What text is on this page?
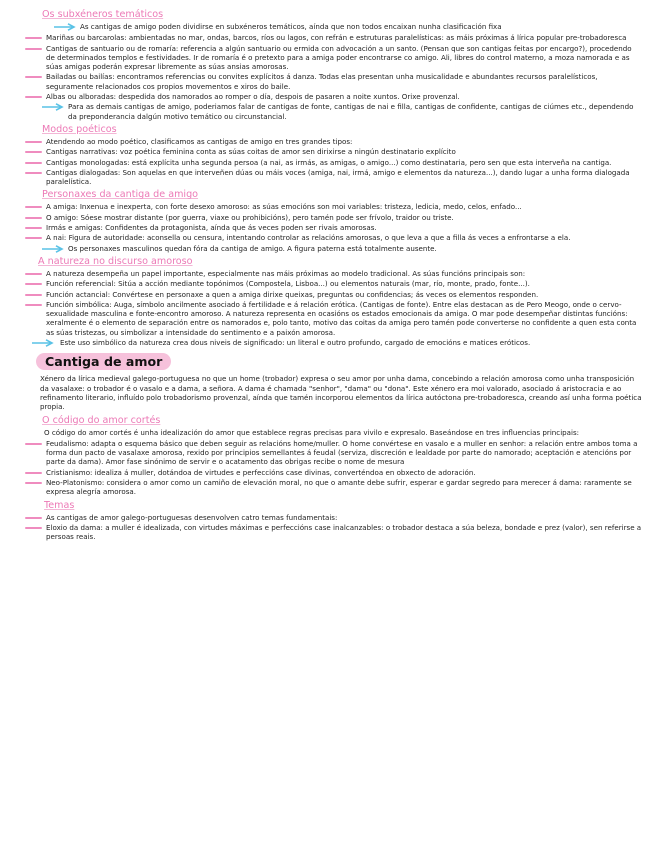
Os subxéneros temáticos
As cantigas de amigo poden dividirse en subxéneros temáticos, aínda que non todos encaixan nunha clasificación fixa
Mariñas ou barcarolas: ambientadas no mar, ondas, barcos, ríos ou lagos, con refrán e estruturas paralelísticas: as máis próximas á lírica popular pre-trobadoresca
Cantigas de santuario ou de romaría: referencia a algún santuario ou ermida con advocación a un santo. (Pensan que son cantigas feitas por encargo?), procedendo de determinados templos e festividades. Ir de romaría é o pretexto para a amiga poder encontrarse co amigo. Ali, libres do control materno, a moza namorada e as súas amigas poderán expresar libremente as súas ansias amorosas.
Bailadas ou bailías: encontramos referencias ou convites explícitos á danza. Todas elas presentan unha musicalidade e abundantes recursos paralelísticos, seguramente relacionados cos propios movementos e xiros do baile.
Albas ou alboradas: despedida dos namorados ao romper o día, despois de pasaren a noite xuntos. Orixe provenzal.
Para as demais cantigas de amigo, poderiamos falar de cantigas de fonte, cantigas de nai e filla, cantigas de confidente, cantigas de ciúmes etc., dependendo da preponderancia dalgún motivo temático ou circunstancial.
Modos poéticos
Atendendo ao modo poético, clasificamos as cantigas de amigo en tres grandes tipos:
Cantigas narrativas: voz poética feminina conta as súas coitas de amor sen dirixirse a ningún destinatario explícito
Cantigas monologadas: está explícita unha segunda persoa (a nai, as irmás, as amigas, o amigo...) como destinataria, pero sen que esta interveña na cantiga.
Cantigas dialogadas: Son aquelas en que interveñen dúas ou máis voces (amiga, nai, irmá, amigo e elementos da natureza...), dando lugar a unha forma dialogada paralelística.
Personaxes da cantiga de amigo
A amiga: Inxenua e inexperta, con forte desexo amoroso: as súas emocións son moi variables: tristeza, ledicia, medo, celos, enfado...
O amigo: Sóese mostrar distante (por guerra, viaxe ou prohibicións), pero tamén pode ser frívolo, traidor ou triste.
Irmás e amigas: Confidentes da protagonista, aínda que ás veces poden ser rivais amorosas.
A nai: Figura de autoridade: aconsella ou censura, intentando controlar as relacións amorosas, o que leva a que a filla ás veces a enfrontarse a ela.
Os personaxes masculinos quedan fóra da cantiga de amigo. A figura paterna está totalmente ausente.
A natureza no discurso amoroso
A natureza desempeña un papel importante, especialmente nas máis próximas ao modelo tradicional. As súas funcións principais son:
Función referencial: Sitúa a acción mediante topónimos (Compostela, Lisboa...) ou elementos naturais (mar, río, monte, prado, fonte...).
Función actancial: Convértese en personaxe a quen a amiga dirixe queixas, preguntas ou confidencias; ás veces os elementos responden.
Función simbólica: Auga, símbolo ancilmente asociado á fertilidade e á relación erótica. (Cantigas de fonte). Entre elas destacan as de Pero Meogo, onde o cervo-sexualidade masculina e fonte-encontro amoroso. A natureza representa en ocasións os estados emocionais da amiga. O mar pode desempeñar distintas funcións: xeralmente é o elemento de separación entre os namorados e, polo tanto, motivo das coitas da amiga pero tamén pode converterse no confidente a quen esta conta as súas tristezas, ou simbolizar a intensidade do sentimento e a paixón amorosa.
Este uso simbólico da natureza crea dous niveis de significado: un literal e outro profundo, cargado de emocións e matices eróticos.
Cantiga de amor
Xénero da lírica medieval galego-portuguesa no que un home (trobador) expresa o seu amor por unha dama, concebindo a relación amorosa como unha transposición da vasalaxe: o trobador é o vasalo e a dama, a señora. A dama é chamada "senhor", "dama" ou "dona". Este xénero era moi valorado, asociado á aristocracia e ao refinamento literario, influído polo trobadorismo provenzal, aínda que tamén incorporou elementos da lírica autóctona pre-trobadoresca, creando así unha forma poética propia.
O código do amor cortés
O código do amor cortés é unha idealización do amor que establece regras precisas para vivilo e expresalo. Baseándose en tres influencias principais:
Feudalismo: adapta o esquema básico que deben seguir as relacións home/muller. O home convértese en vasalo e a muller en senhor: a relación entre ambos toma a forma dun pacto de vasalaxe amorosa, rexido por principios semellantes á feudal (serviza, discreción e lealdade por parte do namorado; aceptación e atencións por parte da dama). Amor fase sinónimo de servir e o acatamento das obrigas recibe o nome de mesura
Cristianismo: idealiza á muller, dotándoa de virtudes e perfeccións case divinas, converténdoa en obxecto de adoración.
Neo-Platonismo: considera o amor como un camiño de elevación moral, no que o amante debe sufrir, esperar e gardar segredo para merecer á dama: raramente se expresa alegría amorosa.
Temas
As cantigas de amor galego-portuguesas desenvolven catro temas fundamentais:
Eloxio da dama: a muller é idealizada, con virtudes máximas e perfeccións case inalcanzables: o trobador destaca a súa beleza, bondade e prez (valor), sen referirse a persoas reais.
